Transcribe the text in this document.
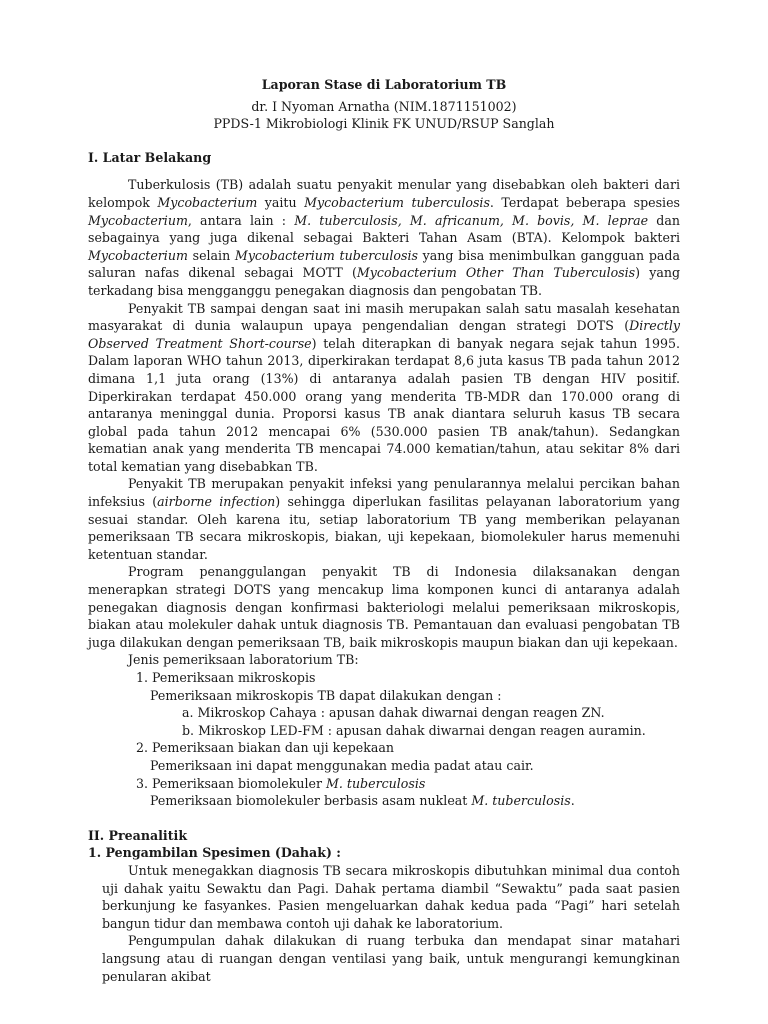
Laporan Stase di Laboratorium TB

dr. I Nyoman Arnatha (NIM.1871151002)

PPDS-1 Mikrobiologi Klinik FK UNUD/RSUP Sanglah

I. Latar Belakang

Tuberkulosis (TB) adalah suatu penyakit menular yang disebabkan oleh bakteri dari kelompok Mycobacterium yaitu Mycobacterium tuberculosis. Terdapat beberapa spesies Mycobacterium, antara lain : M. tuberculosis, M. africanum, M. bovis, M. leprae dan sebagainya yang juga dikenal sebagai Bakteri Tahan Asam (BTA). Kelompok bakteri Mycobacterium selain Mycobacterium tuberculosis yang bisa menimbulkan gangguan pada saluran nafas dikenal sebagai MOTT (Mycobacterium Other Than Tuberculosis) yang terkadang bisa mengganggu penegakan diagnosis dan pengobatan TB.

Penyakit TB sampai dengan saat ini masih merupakan salah satu masalah kesehatan masyarakat di dunia walaupun upaya pengendalian dengan strategi DOTS (Directly Observed Treatment Short-course) telah diterapkan di banyak negara sejak tahun 1995. Dalam laporan WHO tahun 2013, diperkirakan terdapat 8,6 juta kasus TB pada tahun 2012 dimana 1,1 juta orang (13%) di antaranya adalah pasien TB dengan HIV positif. Diperkirakan terdapat 450.000 orang yang menderita TB-MDR dan 170.000 orang di antaranya meninggal dunia. Proporsi kasus TB anak diantara seluruh kasus TB secara global pada tahun 2012 mencapai 6% (530.000 pasien TB anak/tahun). Sedangkan kematian anak yang menderita TB mencapai 74.000 kematian/tahun, atau sekitar 8% dari total kematian yang disebabkan TB.

Penyakit TB merupakan penyakit infeksi yang penularannya melalui percikan bahan infeksius (airborne infection) sehingga diperlukan fasilitas pelayanan laboratorium yang sesuai standar. Oleh karena itu, setiap laboratorium TB yang memberikan pelayanan pemeriksaan TB secara mikroskopis, biakan, uji kepekaan, biomolekuler harus memenuhi ketentuan standar.

Program penanggulangan penyakit TB di Indonesia dilaksanakan dengan menerapkan strategi DOTS yang mencakup lima komponen kunci di antaranya adalah penegakan diagnosis dengan konfirmasi bakteriologi melalui pemeriksaan mikroskopis, biakan atau molekuler dahak untuk diagnosis TB. Pemantauan dan evaluasi pengobatan TB juga dilakukan dengan pemeriksaan TB, baik mikroskopis maupun biakan dan uji kepekaan.

Jenis pemeriksaan laboratorium TB:

1. Pemeriksaan mikroskopis

Pemeriksaan mikroskopis TB dapat dilakukan dengan :

a. Mikroskop Cahaya : apusan dahak diwarnai dengan reagen ZN.

b. Mikroskop LED-FM : apusan dahak diwarnai dengan reagen auramin.

2. Pemeriksaan biakan dan uji kepekaan

Pemeriksaan ini dapat menggunakan media padat atau cair.

3. Pemeriksaan biomolekuler M. tuberculosis

Pemeriksaan biomolekuler berbasis asam nukleat M. tuberculosis.

II. Preanalitik

1. Pengambilan Spesimen (Dahak) :

Untuk menegakkan diagnosis TB secara mikroskopis dibutuhkan minimal dua contoh uji dahak yaitu Sewaktu dan Pagi. Dahak pertama diambil “Sewaktu” pada saat pasien berkunjung ke fasyankes. Pasien mengeluarkan dahak kedua pada “Pagi” hari setelah bangun tidur dan membawa contoh uji dahak ke laboratorium.

Pengumpulan dahak dilakukan di ruang terbuka dan mendapat sinar matahari langsung atau di ruangan dengan ventilasi yang baik, untuk mengurangi kemungkinan penularan akibat
